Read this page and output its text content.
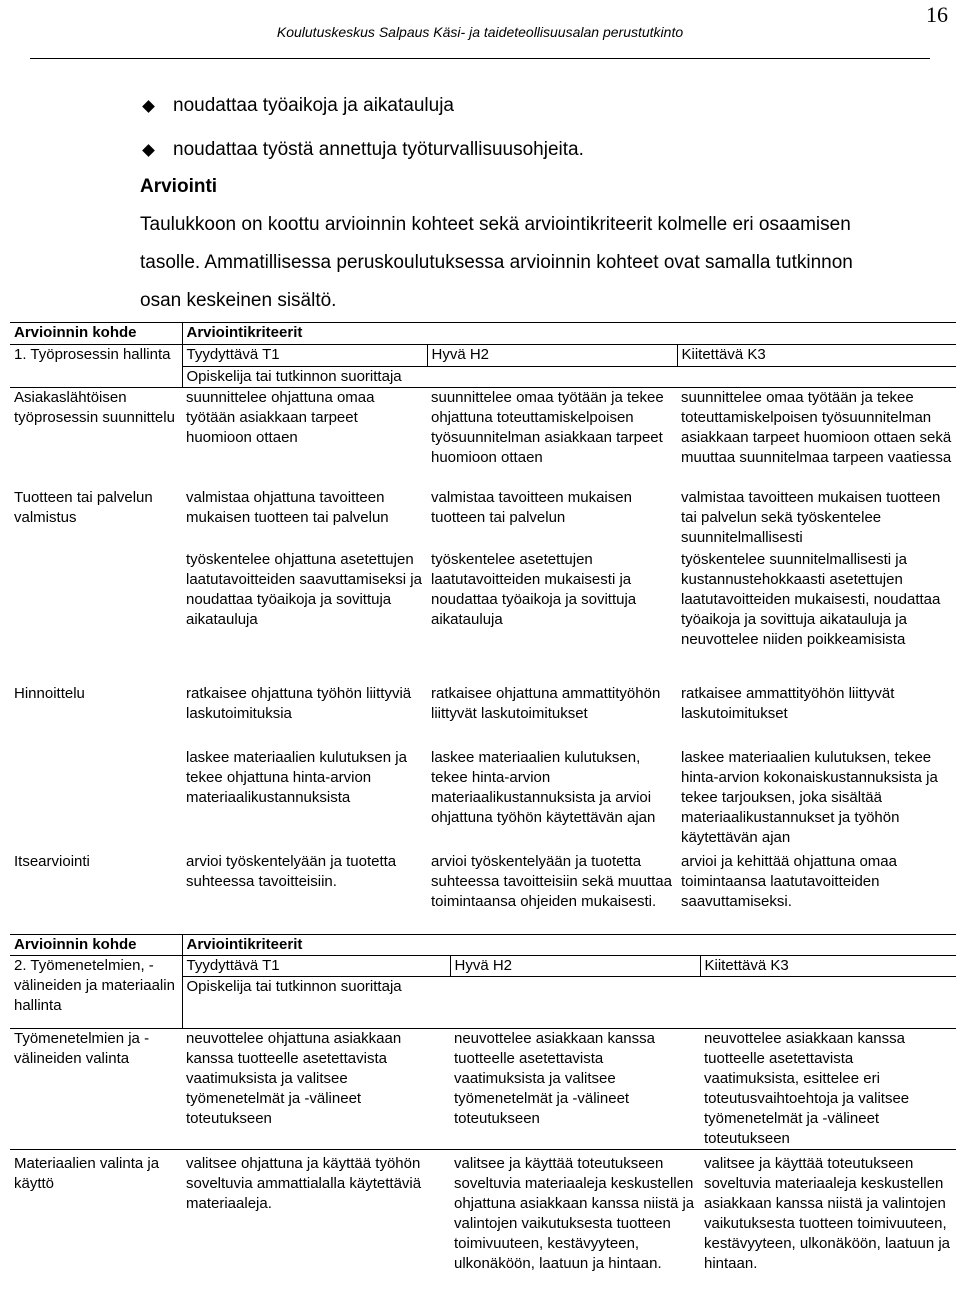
16
Koulutuskeskus Salpaus Käsi- ja taideteollisuusalan perustutkinto
noudattaa työaikoja ja aikatauluja
noudattaa työstä annettuja työturvallisuusohjeita.
Arviointi
Taulukkoon on koottu arvioinnin kohteet sekä arviointikriteerit kolmelle eri osaamisen
tasolle. Ammatillisessa peruskoulutuksessa arvioinnin kohteet ovat samalla tutkinnon
osan keskeinen sisältö.
Arvioinnin kohde	Arviointikriteerit		
1. Työprosessin hallinta	Tyydyttävä T1	Hyvä H2	Kiitettävä K3
	Opiskelija tai tutkinnon suorittaja		
Asiakaslähtöisen työprosessin suunnittelu	suunnittelee ohjattuna omaa työtään asiakkaan tarpeet huomioon ottaen	suunnittelee omaa työtään ja tekee ohjattuna toteuttamiskelpoisen työsuunnitelman asiakkaan tarpeet huomioon ottaen	suunnittelee omaa työtään ja tekee toteuttamiskelpoisen työsuunnitelman asiakkaan tarpeet huomioon ottaen sekä muuttaa suunnitelmaa tarpeen vaatiessa
Tuotteen tai palvelun valmistus	valmistaa ohjattuna tavoitteen mukaisen tuotteen tai palvelun	valmistaa tavoitteen mukaisen tuotteen tai palvelun	valmistaa tavoitteen mukaisen tuotteen tai palvelun sekä työskentelee suunnitelmallisesti
	työskentelee ohjattuna asetettujen laatutavoitteiden saavuttamiseksi ja noudattaa työaikoja ja sovittuja aikatauluja	työskentelee asetettujen laatutavoitteiden mukaisesti ja noudattaa työaikoja ja sovittuja aikatauluja	työskentelee suunnitelmallisesti ja kustannustehokkaasti asetettujen laatutavoitteiden mukaisesti, noudattaa työaikoja ja sovittuja aikatauluja ja neuvottelee niiden poikkeamisista
Hinnoittelu	ratkaisee ohjattuna työhön liittyviä laskutoimituksia	ratkaisee ohjattuna ammattityöhön liittyvät laskutoimitukset	ratkaisee ammattityöhön liittyvät laskutoimitukset
	laskee materiaalien kulutuksen ja tekee ohjattuna hinta-arvion materiaalikustannuksista	laskee materiaalien kulutuksen, tekee hinta-arvion materiaalikustannuksista ja arvioi ohjattuna työhön käytettävän ajan	laskee materiaalien kulutuksen, tekee hinta-arvion kokonaiskustannuksista ja tekee tarjouksen, joka sisältää materiaalikustannukset ja työhön käytettävän ajan
Itsearviointi	arvioi työskentelyään ja tuotetta suhteessa tavoitteisiin.	arvioi työskentelyään ja tuotetta suhteessa tavoitteisiin sekä muuttaa toimintaansa ohjeiden mukaisesti.	arvioi ja kehittää ohjattuna omaa toimintaansa laatutavoitteiden saavuttamiseksi.
Arvioinnin kohde	Arviointikriteerit		
2. Työmenetelmien, -välineiden ja materiaalin hallinta	Tyydyttävä T1	Hyvä H2	Kiitettävä K3
	Opiskelija tai tutkinnon suorittaja		
Työmenetelmien ja -välineiden valinta	neuvottelee ohjattuna asiakkaan kanssa tuotteelle asetettavista vaatimuksista ja valitsee työmenetelmät ja -välineet toteutukseen	neuvottelee asiakkaan kanssa tuotteelle asetettavista vaatimuksista ja valitsee työmenetelmät ja -välineet toteutukseen	neuvottelee asiakkaan kanssa tuotteelle asetettavista vaatimuksista, esittelee eri toteutusvaihtoehtoja ja valitsee työmenetelmät ja -välineet toteutukseen
Materiaalien valinta ja käyttö	valitsee ohjattuna ja käyttää työhön soveltuvia ammattialalla käytettäviä materiaaleja.	valitsee ja käyttää toteutukseen soveltuvia materiaaleja keskustellen ohjattuna asiakkaan kanssa niistä ja valintojen vaikutuksesta tuotteen toimivuuteen, kestävyyteen, ulkonäköön, laatuun ja hintaan.	valitsee ja käyttää toteutukseen soveltuvia materiaaleja keskustellen asiakkaan kanssa niistä ja valintojen vaikutuksesta tuotteen toimivuuteen, kestävyyteen, ulkonäköön, laatuun ja hintaan.
